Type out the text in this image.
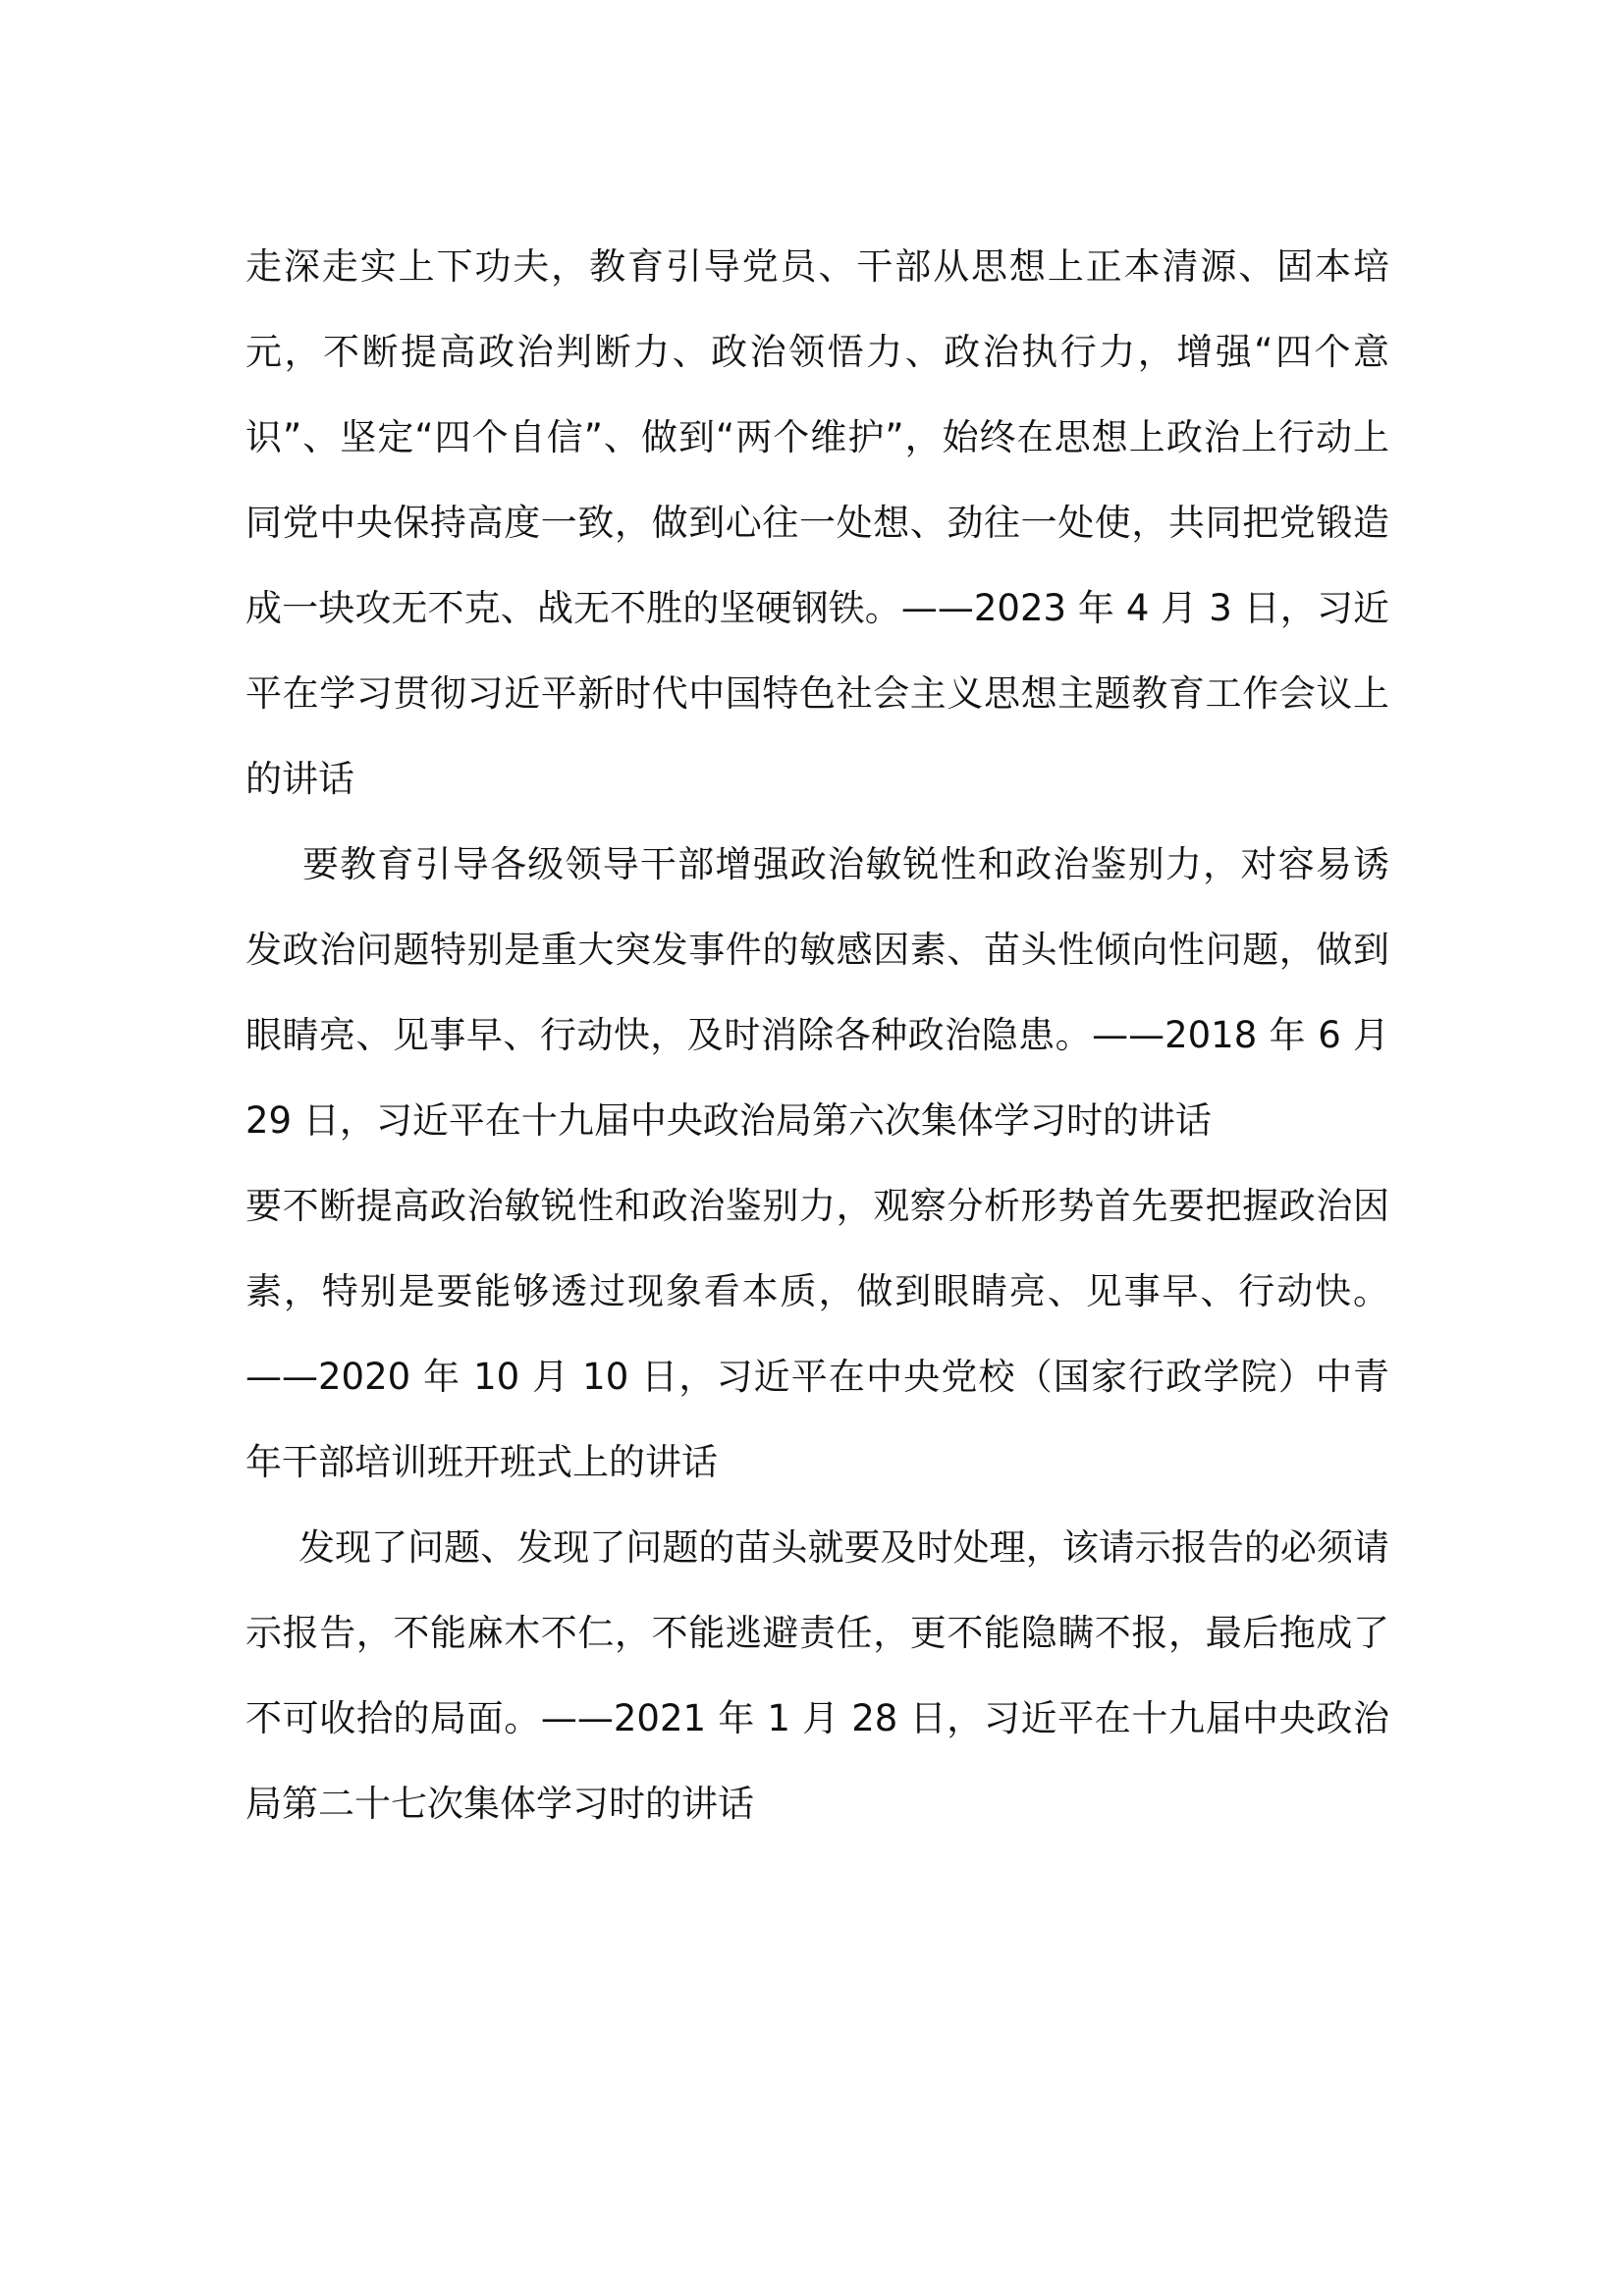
走深走实上下功夫，教育引导党员、干部从思想上正本清源、固本培元，不断提高政治判断力、政治领悟力、政治执行力，增强“四个意识”、坚定“四个自信”、做到“两个维护”，始终在思想上政治上行动上同党中央保持高度一致，做到心往一处想、劲往一处使，共同把党锻造成一块攻无不克、战无不胜的坚硬钢铁。——2023 年 4 月 3 日，习近平在学习贯彻习近平新时代中国特色社会主义思想主题教育工作会议上的讲话

要教育引导各级领导干部增强政治敏锐性和政治鉴别力，对容易诱发政治问题特别是重大突发事件的敏感因素、苗头性倾向性问题，做到眼睛亮、见事早、行动快，及时消除各种政治隐患。——2018 年 6 月 29 日，习近平在十九届中央政治局第六次集体学习时的讲话

要不断提高政治敏锐性和政治鉴别力，观察分析形势首先要把握政治因素，特别是要能够透过现象看本质，做到眼睛亮、见事早、行动快。——2020 年 10 月 10 日，习近平在中央党校（国家行政学院）中青年干部培训班开班式上的讲话

发现了问题、发现了问题的苗头就要及时处理，该请示报告的必须请示报告，不能麻木不仁，不能逃避责任，更不能隐瞒不报，最后拖成了不可收拾的局面。——2021 年 1 月 28 日，习近平在十九届中央政治局第二十七次集体学习时的讲话
